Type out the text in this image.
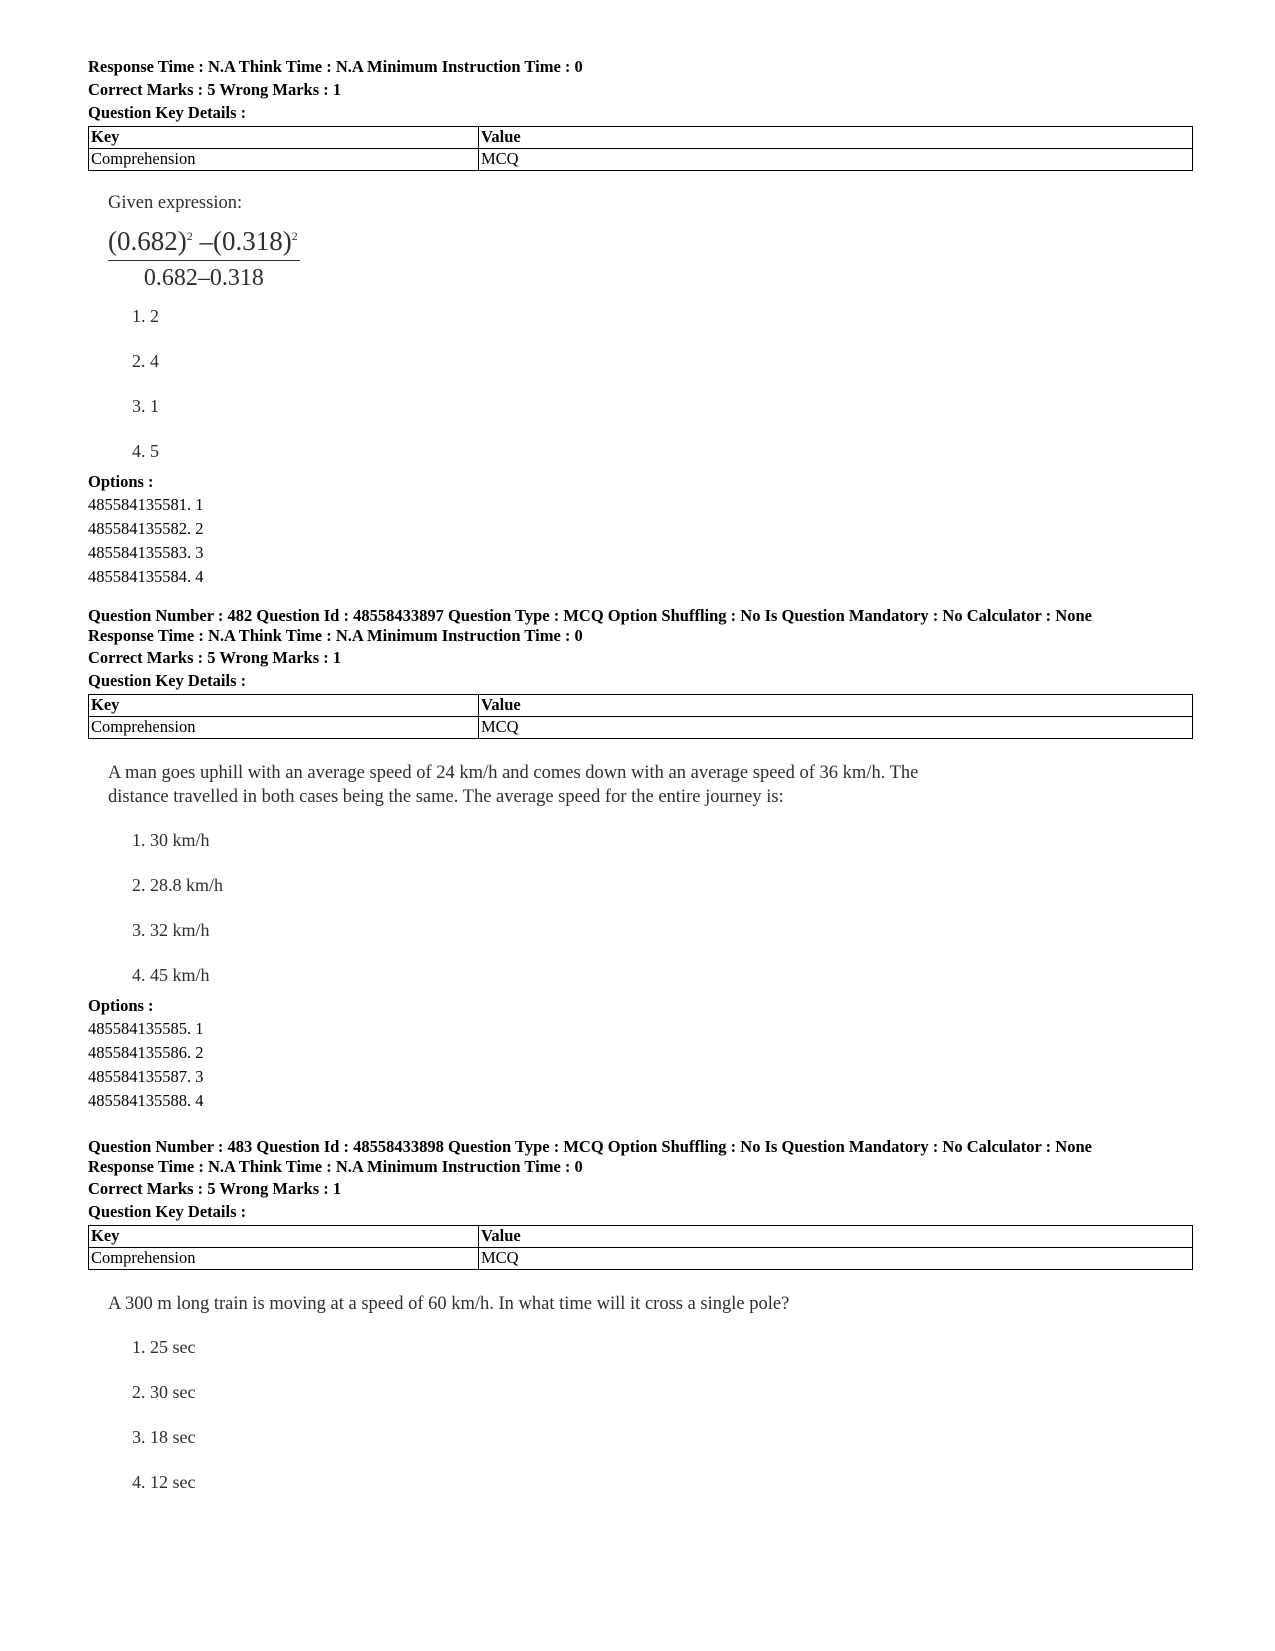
Response Time : N.A Think Time : N.A Minimum Instruction Time : 0
Correct Marks : 5 Wrong Marks : 1
Question Key Details :
Key	Value
Comprehension	MCQ
Given expression:
$\frac{(0.682)^2 -(0.318)^2}{0.682-0.318}$
1. 2
2. 4
3. 1
4. 5
Options :
485584135581. 1
485584135582. 2
485584135583. 3
485584135584. 4
Question Number : 482 Question Id : 48558433897 Question Type : MCQ Option Shuffling : No Is Question Mandatory : No Calculator : None
Response Time : N.A Think Time : N.A Minimum Instruction Time : 0
Correct Marks : 5 Wrong Marks : 1
Question Key Details :
Key	Value
Comprehension	MCQ
A man goes uphill with an average speed of 24 km/h and comes down with an average speed of 36 km/h. The
distance travelled in both cases being the same. The average speed for the entire journey is:
1. 30 km/h
2. 28.8 km/h
3. 32 km/h
4. 45 km/h
Options :
485584135585. 1
485584135586. 2
485584135587. 3
485584135588. 4
Question Number : 483 Question Id : 48558433898 Question Type : MCQ Option Shuffling : No Is Question Mandatory : No Calculator : None
Response Time : N.A Think Time : N.A Minimum Instruction Time : 0
Correct Marks : 5 Wrong Marks : 1
Question Key Details :
Key	Value
Comprehension	MCQ
A 300 m long train is moving at a speed of 60 km/h. In what time will it cross a single pole?
1. 25 sec
2. 30 sec
3. 18 sec
4. 12 sec
